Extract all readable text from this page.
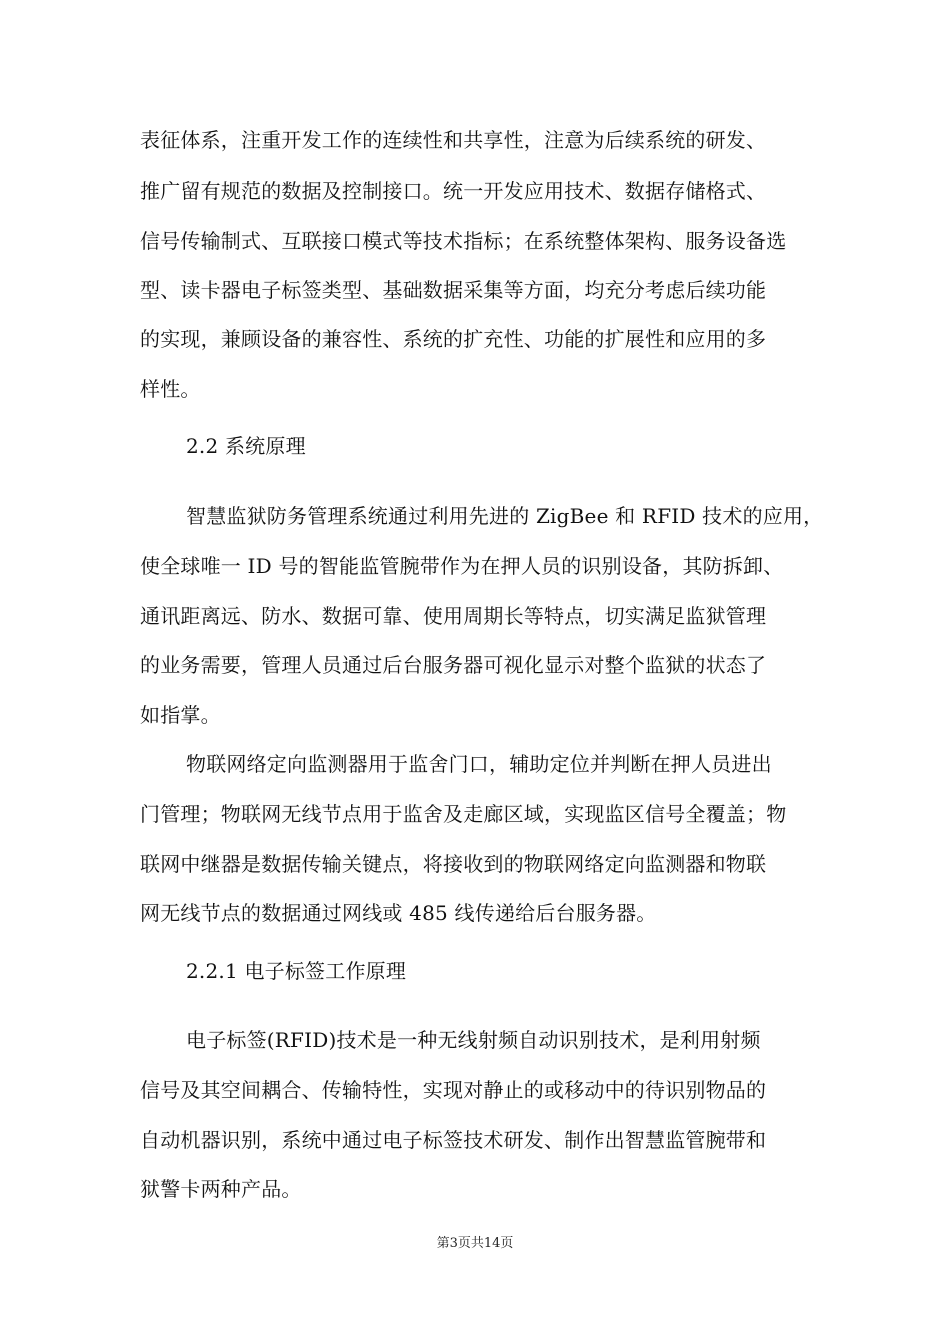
表征体系，注重开发工作的连续性和共享性，注意为后续系统的研发、
推广留有规范的数据及控制接口。统一开发应用技术、数据存储格式、
信号传输制式、互联接口模式等技术指标；在系统整体架构、服务设备选
型、读卡器电子标签类型、基础数据采集等方面，均充分考虑后续功能
的实现，兼顾设备的兼容性、系统的扩充性、功能的扩展性和应用的多
样性。
2.2 系统原理
智慧监狱防务管理系统通过利用先进的 ZigBee 和 RFID 技术的应用，
使全球唯一 ID 号的智能监管腕带作为在押人员的识别设备，其防拆卸、
通讯距离远、防水、数据可靠、使用周期长等特点，切实满足监狱管理
的业务需要，管理人员通过后台服务器可视化显示对整个监狱的状态了
如指掌。
物联网络定向监测器用于监舍门口，辅助定位并判断在押人员进出
门管理；物联网无线节点用于监舍及走廊区域，实现监区信号全覆盖；物
联网中继器是数据传输关键点，将接收到的物联网络定向监测器和物联
网无线节点的数据通过网线或 485 线传递给后台服务器。
2.2.1 电子标签工作原理
电子标签(RFID)技术是一种无线射频自动识别技术，是利用射频
信号及其空间耦合、传输特性，实现对静止的或移动中的待识别物品的
自动机器识别，系统中通过电子标签技术研发、制作出智慧监管腕带和
狱警卡两种产品。
第3页共14页
